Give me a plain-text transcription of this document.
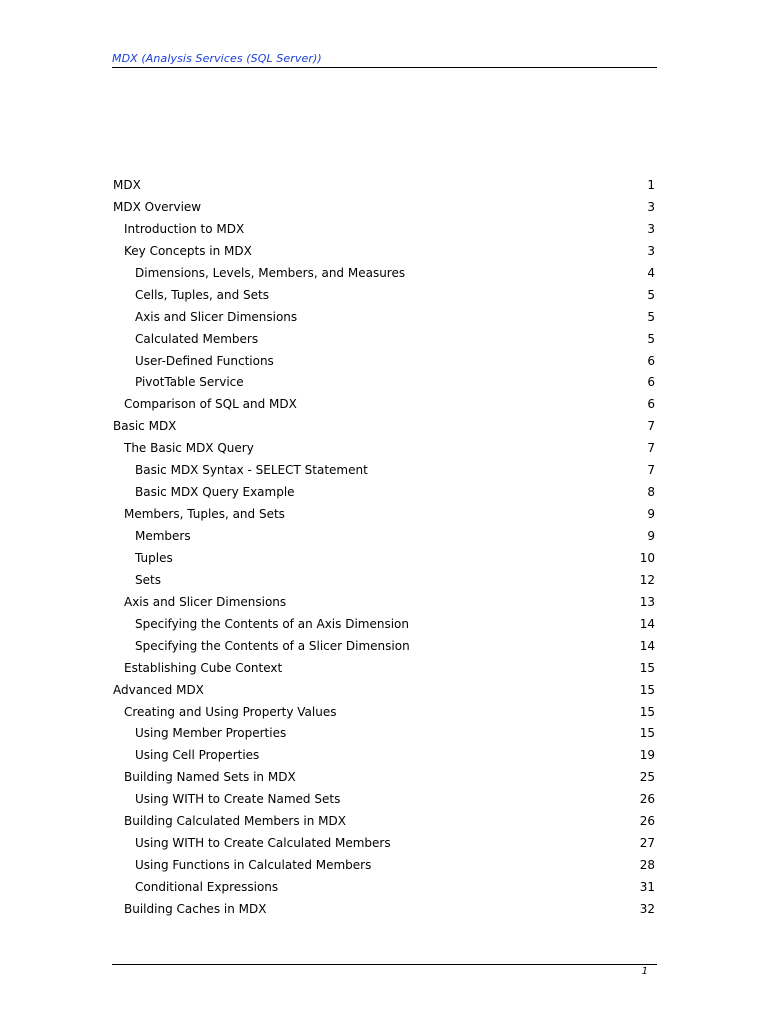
MDX (Analysis Services (SQL Server))
MDX	1
MDX Overview	3
Introduction to MDX	3
Key Concepts in MDX	3
Dimensions, Levels, Members, and Measures	4
Cells, Tuples, and Sets	5
Axis and Slicer Dimensions	5
Calculated Members	5
User-Defined Functions	6
PivotTable Service	6
Comparison of SQL and MDX	6
Basic MDX	7
The Basic MDX Query	7
Basic MDX Syntax - SELECT Statement	7
Basic MDX Query Example	8
Members, Tuples, and Sets	9
Members	9
Tuples	10
Sets	12
Axis and Slicer Dimensions	13
Specifying the Contents of an Axis Dimension	14
Specifying the Contents of a Slicer Dimension	14
Establishing Cube Context	15
Advanced MDX	15
Creating and Using Property Values	15
Using Member Properties	15
Using Cell Properties	19
Building Named Sets in MDX	25
Using WITH to Create Named Sets	26
Building Calculated Members in MDX	26
Using WITH to Create Calculated Members	27
Using Functions in Calculated Members	28
Conditional Expressions	31
Building Caches in MDX	32
1
